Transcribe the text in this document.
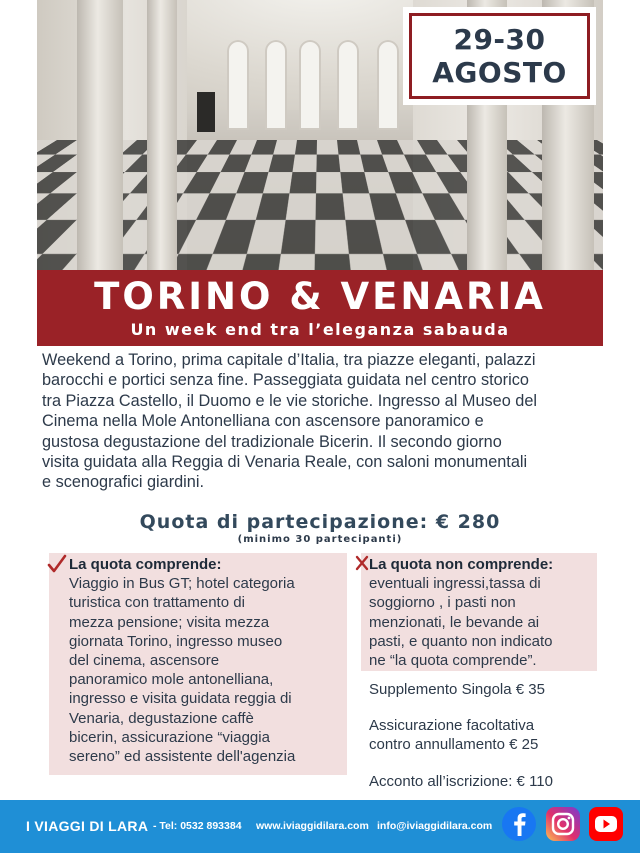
29-30
AGOSTO
TORINO & VENARIA
Un week end tra l’eleganza sabauda
Weekend a Torino, prima capitale d’Italia, tra piazze eleganti, palazzi
barocchi e portici senza fine. Passeggiata guidata nel centro storico
tra Piazza Castello, il Duomo e le vie storiche. Ingresso al Museo del
Cinema nella Mole Antonelliana con ascensore panoramico e
gustosa degustazione del tradizionale Bicerin. Il secondo giorno
visita guidata alla Reggia di Venaria Reale, con saloni monumentali
e scenografici giardini.
Quota di partecipazione: € 280
(minimo 30 partecipanti)
La quota comprende:
Viaggio in Bus GT; hotel categoria
turistica con trattamento di
mezza pensione; visita mezza
giornata Torino, ingresso museo
del cinema, ascensore
panoramico mole antonelliana,
ingresso e visita guidata reggia di
Venaria, degustazione caffè
bicerin, assicurazione “viaggia
sereno” ed assistente dell'agenzia
La quota non comprende:
eventuali ingressi,tassa di
soggiorno , i pasti non
menzionati, le bevande ai
pasti, e quanto non indicato
ne “la quota comprende”.
Supplemento Singola € 35
Assicurazione facoltativa
contro annullamento € 25
Acconto all’iscrizione: € 110
I VIAGGI DI LARA - Tel: 0532 893384 www.iviaggidilara.com info@iviaggidilara.com
